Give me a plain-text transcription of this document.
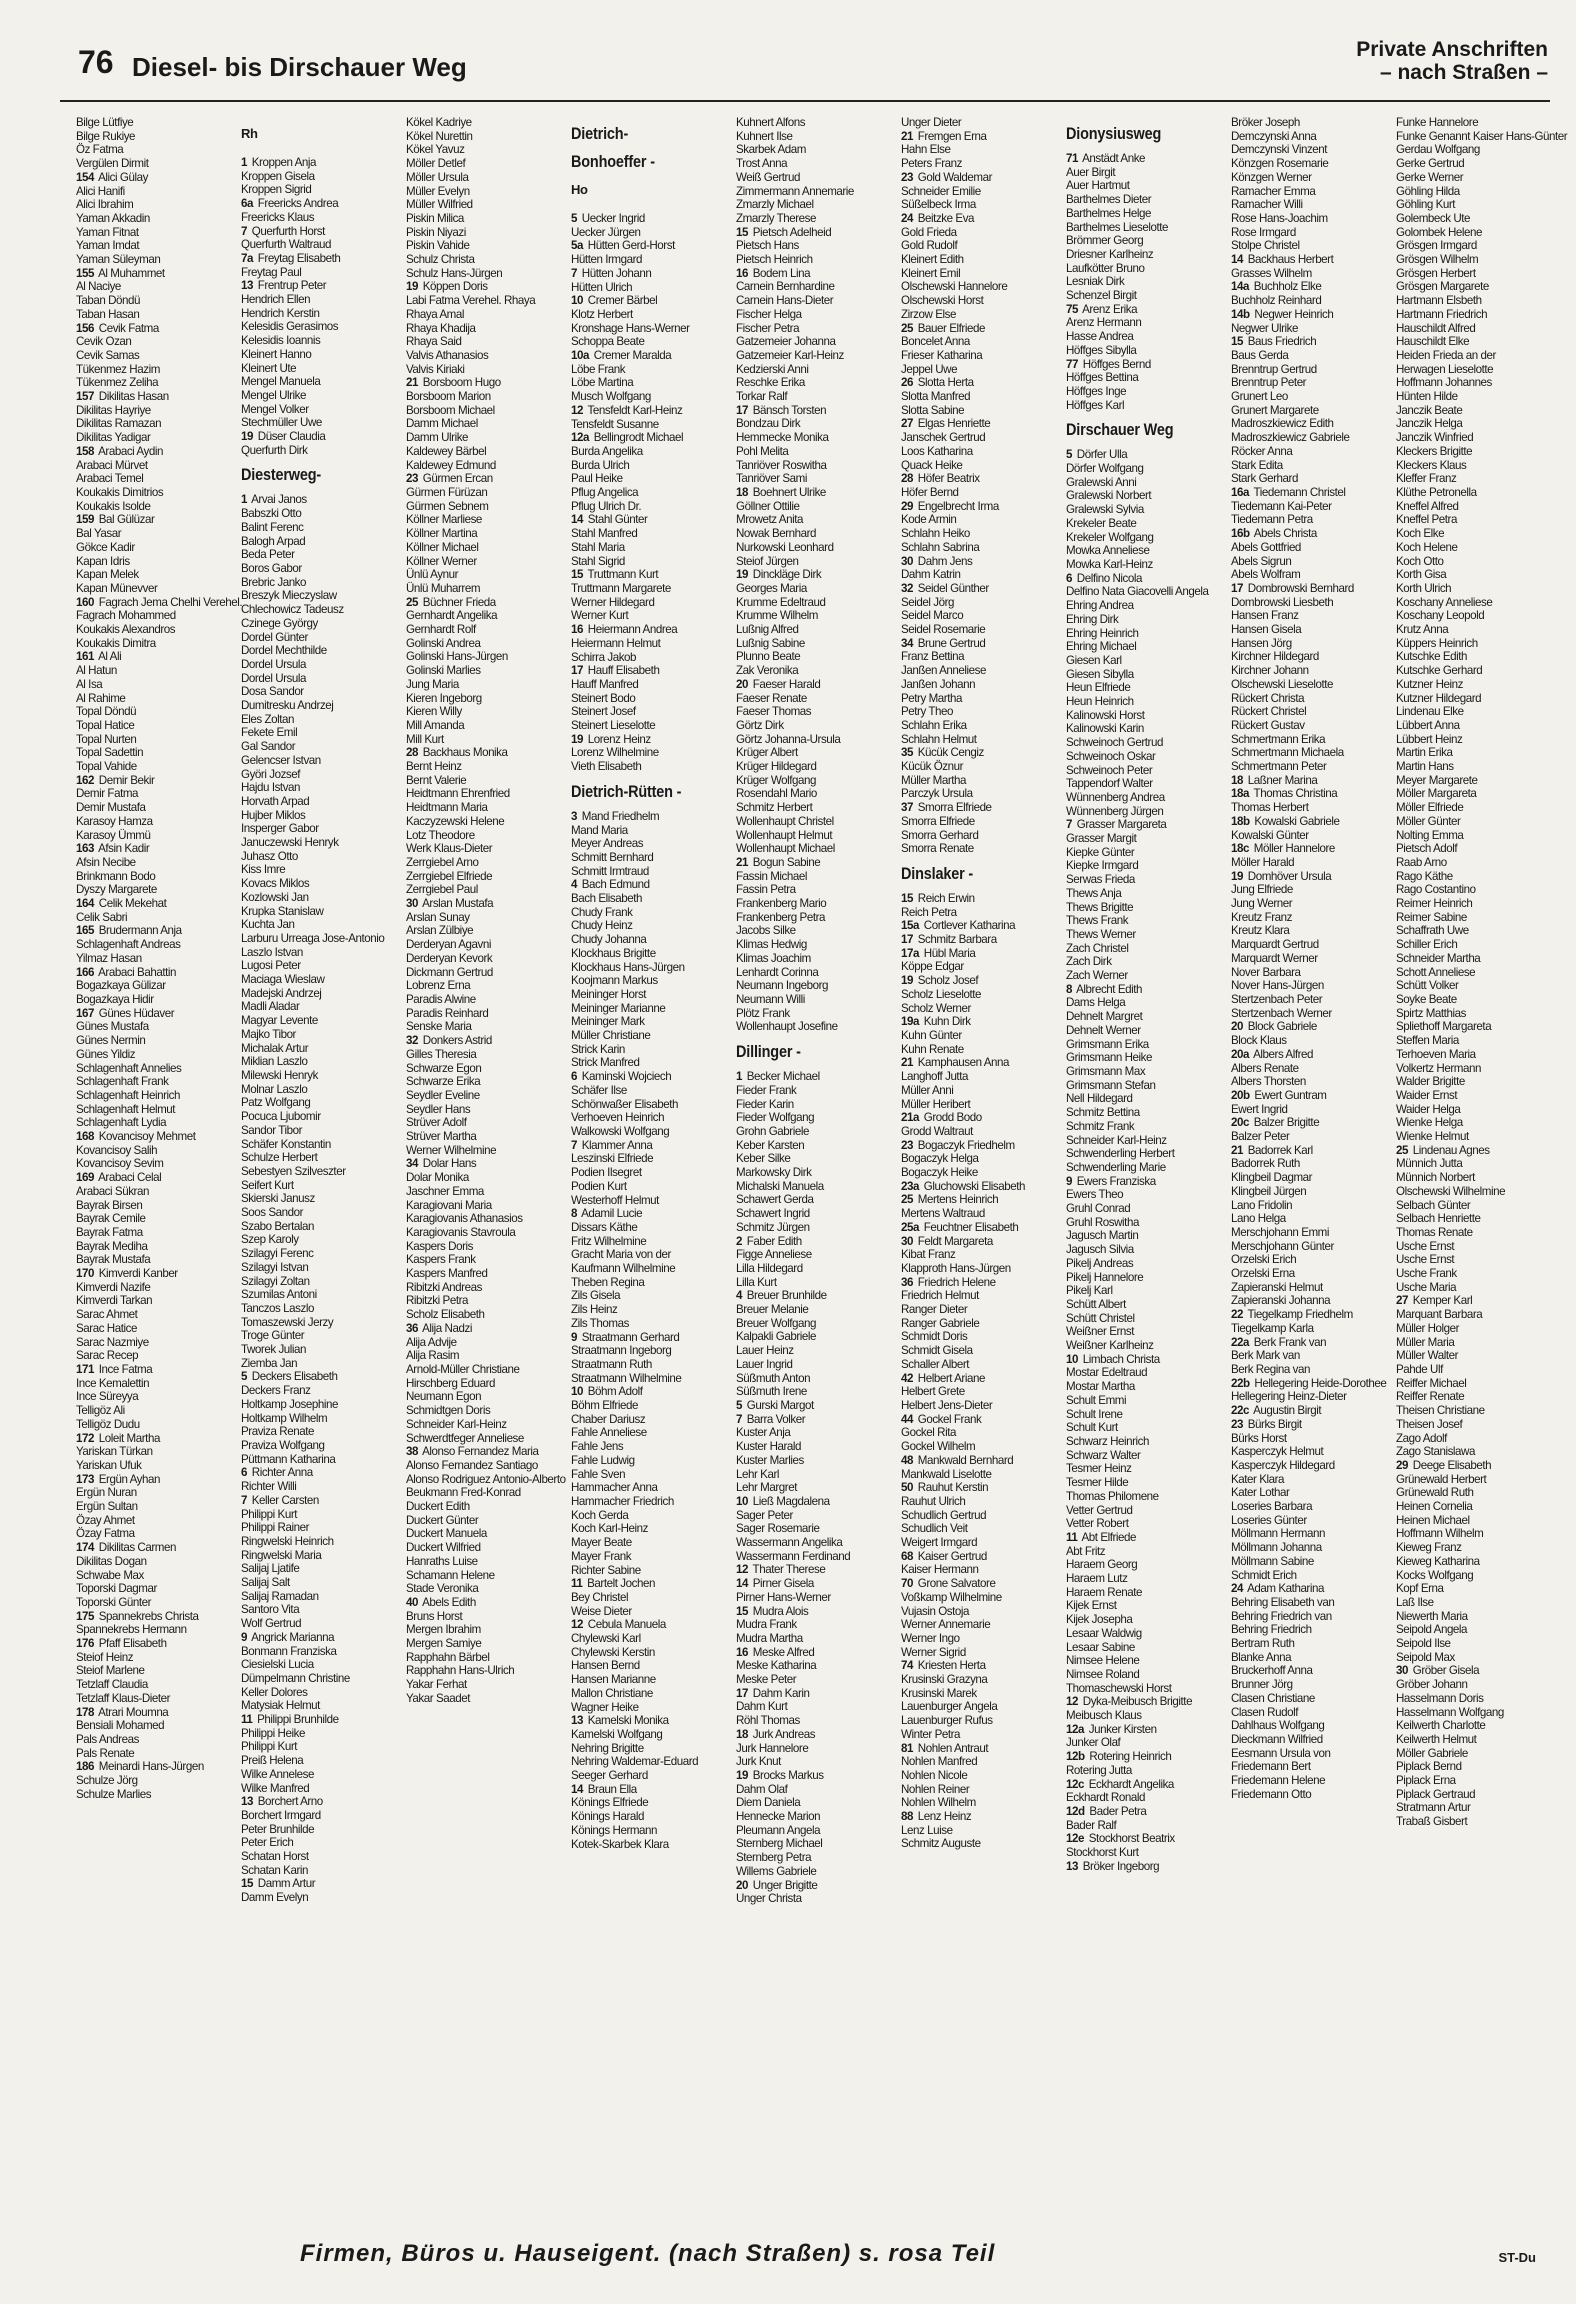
76 Diesel- bis Dirschauer Weg
Private Anschriften
– nach Straßen –
Bilge Lütfiye
Bilge Rukiye
Öz Fatma
Vergülen Dirmit
154 Alici Gülay
Alici Hanifi
Alici Ibrahim
Yaman Akkadin
Yaman Fitnat
Yaman Imdat
Yaman Süleyman
155 Al Muhammet
Al Naciye
Taban Döndü
Taban Hasan
156 Cevik Fatma
Cevik Ozan
Cevik Samas
Tükenmez Hazim
Tükenmez Zeliha
157 Dikilitas Hasan
Dikilitas Hayriye
Dikilitas Ramazan
Dikilitas Yadigar
158 Arabaci Aydin
Arabaci Mürvet
Arabaci Temel
Koukakis Dimitrios
Koukakis Isolde
159 Bal Gülüzar
Bal Yasar
Gökce Kadir
Kapan Idris
Kapan Melek
Kapan Münevver
160 Fagrach Jema Chelhi Verehel.
Fagrach Mohammed
Koukakis Alexandros
Koukakis Dimitra
161 Al Ali
Al Hatun
Al Isa
Al Rahime
Topal Döndü
Topal Hatice
Topal Nurten
Topal Sadettin
Topal Vahide
162 Demir Bekir
Demir Fatma
Demir Mustafa
Karasoy Hamza
Karasoy Ümmü
163 Afsin Kadir
Afsin Necibe
Brinkmann Bodo
Dyszy Margarete
164 Celik Mekehat
Celik Sabri
165 Brudermann Anja
Schlagenhaft Andreas
Yilmaz Hasan
166 Arabaci Bahattin
Bogazkaya Gülizar
Bogazkaya Hidir
167 Günes Hüdaver
Günes Mustafa
Günes Nermin
Günes Yildiz
Schlagenhaft Annelies
Schlagenhaft Frank
Schlagenhaft Heinrich
Schlagenhaft Helmut
Schlagenhaft Lydia
168 Kovancisoy Mehmet
Kovancisoy Salih
Kovancisoy Sevim
169 Arabaci Celal
Arabaci Sükran
Bayrak Birsen
Bayrak Cemile
Bayrak Fatma
Bayrak Mediha
Bayrak Mustafa
170 Kimverdi Kanber
Kimverdi Nazife
Kimverdi Tarkan
Sarac Ahmet
Sarac Hatice
Sarac Nazmiye
Sarac Recep
171 Ince Fatma
Ince Kemalettin
Ince Süreyya
Telligöz Ali
Telligöz Dudu
172 Loleit Martha
Yariskan Türkan
Yariskan Ufuk
173 Ergün Ayhan
Ergün Nuran
Ergün Sultan
Özay Ahmet
Özay Fatma
174 Dikilitas Carmen
Dikilitas Dogan
Schwabe Max
Toporski Dagmar
Toporski Günter
175 Spannekrebs Christa
Spannekrebs Hermann
176 Pfaff Elisabeth
Steiof Heinz
Steiof Marlene
Tetzlaff Claudia
Tetzlaff Klaus-Dieter
178 Atrari Moumna
Bensiali Mohamed
Pals Andreas
Pals Renate
186 Meinardi Hans-Jürgen
Schulze Jörg
Schulze Marlies
Rh
1 Kroppen Anja
Kroppen Gisela
Kroppen Sigrid
6a Freericks Andrea
Freericks Klaus
7 Querfurth Horst
Querfurth Waltraud
7a Freytag Elisabeth
Freytag Paul
13 Frentrup Peter
Hendrich Ellen
Hendrich Kerstin
Kelesidis Gerasimos
Kelesidis Ioannis
Kleinert Hanno
Kleinert Ute
Mengel Manuela
Mengel Ulrike
Mengel Volker
Stechmüller Uwe
19 Düser Claudia
Querfurth Dirk
Diesterweg-
1 Arvai Janos
Babszki Otto
Balint Ferenc
Balogh Arpad
Beda Peter
Boros Gabor
Brebric Janko
Breszyk Mieczyslaw
Chlechowicz Tadeusz
Czinege György
Dordel Günter
Dordel Mechthilde
Dordel Ursula
Dordel Ursula
Dosa Sandor
Dumitresku Andrzej
Eles Zoltan
Fekete Emil
Gal Sandor
Gelencser Istvan
Györi Jozsef
Hajdu Istvan
Horvath Arpad
Hujber Miklos
Insperger Gabor
Januczewski Henryk
Juhasz Otto
Kiss Imre
Kovacs Miklos
Kozlowski Jan
Krupka Stanislaw
Kuchta Jan
Larburu Urreaga Jose-Antonio
Laszlo Istvan
Lugosi Peter
Maciaga Wieslaw
Madejski Andrzej
Madli Aladar
Magyar Levente
Majko Tibor
Michalak Artur
Miklian Laszlo
Milewski Henryk
Molnar Laszlo
Patz Wolfgang
Pocuca Ljubomir
Sandor Tibor
Schäfer Konstantin
Schulze Herbert
Sebestyen Szilveszter
Seifert Kurt
Skierski Janusz
Soos Sandor
Szabo Bertalan
Szep Karoly
Szilagyi Ferenc
Szilagyi Istvan
Szilagyi Zoltan
Szumilas Antoni
Tanczos Laszlo
Tomaszewski Jerzy
Troge Günter
Tworek Julian
Ziemba Jan
5 Deckers Elisabeth
Deckers Franz
Holtkamp Josephine
Holtkamp Wilhelm
Praviza Renate
Praviza Wolfgang
Püttmann Katharina
6 Richter Anna
Richter Willi
7 Keller Carsten
Philippi Kurt
Philippi Rainer
Ringwelski Heinrich
Ringwelski Maria
Salijaj Ljatife
Salijaj Salt
Salijaj Ramadan
Santoro Vita
Wolf Gertrud
9 Angrick Marianna
Bonmann Franziska
Ciesielski Lucia
Dümpelmann Christine
Keller Dolores
Matysiak Helmut
11 Philippi Brunhilde
Philippi Heike
Philippi Kurt
Preiß Helena
Wilke Annelese
Wilke Manfred
13 Borchert Arno
Borchert Irmgard
Peter Brunhilde
Peter Erich
Schatan Horst
Schatan Karin
15 Damm Artur
Damm Evelyn
Kökel Kadriye
Kökel Nurettin
Kökel Yavuz
Möller Detlef
Möller Ursula
Müller Evelyn
Müller Wilfried
Piskin Milica
Piskin Niyazi
Piskin Vahide
Schulz Christa
Schulz Hans-Jürgen
19 Köppen Doris
Labi Fatma Verehel. Rhaya
Rhaya Amal
Rhaya Khadija
Rhaya Said
Valvis Athanasios
Valvis Kiriaki
21 Borsboom Hugo
Borsboom Marion
Borsboom Michael
Damm Michael
Damm Ulrike
Kaldewey Bärbel
Kaldewey Edmund
23 Gürmen Ercan
Gürmen Fürüzan
Gürmen Sebnem
Köllner Marliese
Köllner Martina
Köllner Michael
Köllner Werner
Ünlü Aynur
Ünlü Muharrem
25 Büchner Frieda
Gernhardt Angelika
Gernhardt Rolf
Golinski Andrea
Golinski Hans-Jürgen
Golinski Marlies
Jung Maria
Kieren Ingeborg
Kieren Willy
Mill Amanda
Mill Kurt
28 Backhaus Monika
Bernt Heinz
Bernt Valerie
Heidtmann Ehrenfried
Heidtmann Maria
Kaczyzewski Helene
Lotz Theodore
Werk Klaus-Dieter
Zerrgiebel Arno
Zerrgiebel Elfriede
Zerrgiebel Paul
30 Arslan Mustafa
Arslan Sunay
Arslan Zülbiye
Derderyan Agavni
Derderyan Kevork
Dickmann Gertrud
Lobrenz Erna
Paradis Alwine
Paradis Reinhard
Senske Maria
32 Donkers Astrid
Gilles Theresia
Schwarze Egon
Schwarze Erika
Seydler Eveline
Seydler Hans
Strüver Adolf
Strüver Martha
Werner Wilhelmine
34 Dolar Hans
Dolar Monika
Jaschner Emma
Karagiovani Maria
Karagiovanis Athanasios
Karagiovanis Stavroula
Kaspers Doris
Kaspers Frank
Kaspers Manfred
Ribitzki Andreas
Ribitzki Petra
Scholz Elisabeth
36 Alija Nadzi
Alija Advije
Alija Rasim
Arnold-Müller Christiane
Hirschberg Eduard
Neumann Egon
Schmidtgen Doris
Schneider Karl-Heinz
Schwerdtfeger Anneliese
38 Alonso Fernandez Maria
Alonso Fernandez Santiago
Alonso Rodriguez Antonio-Alberto
Beukmann Fred-Konrad
Duckert Edith
Duckert Günter
Duckert Manuela
Duckert Wilfried
Hanraths Luise
Schamann Helene
Stade Veronika
40 Abels Edith
Bruns Horst
Mergen Ibrahim
Mergen Samiye
Rapphahn Bärbel
Rapphahn Hans-Ulrich
Yakar Ferhat
Yakar Saadet
Dietrich-
Bonhoeffer -
Ho
5 Uecker Ingrid
Uecker Jürgen
5a Hütten Gerd-Horst
Hütten Irmgard
7 Hütten Johann
Hütten Ulrich
10 Cremer Bärbel
Klotz Herbert
Kronshage Hans-Werner
Schoppa Beate
10a Cremer Maralda
Löbe Frank
Löbe Martina
Musch Wolfgang
12 Tensfeldt Karl-Heinz
Tensfeldt Susanne
12a Bellingrodt Michael
Burda Angelika
Burda Ulrich
Paul Heike
Pflug Angelica
Pflug Ulrich Dr.
14 Stahl Günter
Stahl Manfred
Stahl Maria
Stahl Sigrid
15 Truttmann Kurt
Truttmann Margarete
Werner Hildegard
Werner Kurt
16 Heiermann Andrea
Heiermann Helmut
Schirra Jakob
17 Hauff Elisabeth
Hauff Manfred
Steinert Bodo
Steinert Josef
Steinert Lieselotte
19 Lorenz Heinz
Lorenz Wilhelmine
Vieth Elisabeth
Dietrich-Rütten -
3 Mand Friedhelm
Mand Maria
Meyer Andreas
Schmitt Bernhard
Schmitt Irmtraud
4 Bach Edmund
Bach Elisabeth
Chudy Frank
Chudy Heinz
Chudy Johanna
Klockhaus Brigitte
Klockhaus Hans-Jürgen
Koojmann Markus
Meininger Horst
Meininger Marianne
Meininger Mark
Müller Christiane
Strick Karin
Strick Manfred
6 Kaminski Wojciech
Schäfer Ilse
Schönwaßer Elisabeth
Verhoeven Heinrich
Walkowski Wolfgang
7 Klammer Anna
Leszinski Elfriede
Podien Ilsegret
Podien Kurt
Westerhoff Helmut
8 Adamil Lucie
Dissars Käthe
Fritz Wilhelmine
Gracht Maria von der
Kaufmann Wilhelmine
Theben Regina
Zils Gisela
Zils Heinz
Zils Thomas
9 Straatmann Gerhard
Straatmann Ingeborg
Straatmann Ruth
Straatmann Wilhelmine
10 Böhm Adolf
Böhm Elfriede
Chaber Dariusz
Fahle Anneliese
Fahle Jens
Fahle Ludwig
Fahle Sven
Hammacher Anna
Hammacher Friedrich
Koch Gerda
Koch Karl-Heinz
Mayer Beate
Mayer Frank
Richter Sabine
11 Bartelt Jochen
Bey Christel
Weise Dieter
12 Cebula Manuela
Chylewski Karl
Chylewski Kerstin
Hansen Bernd
Hansen Marianne
Mallon Christiane
Wagner Heike
13 Kamelski Monika
Kamelski Wolfgang
Nehring Brigitte
Nehring Waldemar-Eduard
Seeger Gerhard
14 Braun Ella
Könings Elfriede
Könings Harald
Könings Hermann
Kotek-Skarbek Klara
Kuhnert Alfons
Kuhnert Ilse
Skarbek Adam
Trost Anna
Weiß Gertrud
Zimmermann Annemarie
Zmarzly Michael
Zmarzly Therese
15 Pietsch Adelheid
Pietsch Hans
Pietsch Heinrich
16 Bodem Lina
Carnein Bernhardine
Carnein Hans-Dieter
Fischer Helga
Fischer Petra
Gatzemeier Johanna
Gatzemeier Karl-Heinz
Kedzierski Anni
Reschke Erika
Torkar Ralf
17 Bänsch Torsten
Bondzau Dirk
Hemmecke Monika
Pohl Melita
Tanriöver Roswitha
Tanriöver Sami
18 Boehnert Ulrike
Göllner Ottilie
Mrowetz Anita
Nowak Bernhard
Nurkowski Leonhard
Steiof Jürgen
19 Dinckläge Dirk
Georges Maria
Krumme Edeltraud
Krumme Wilhelm
Lußnig Alfred
Lußnig Sabine
Plunno Beate
Zak Veronika
20 Faeser Harald
Faeser Renate
Faeser Thomas
Görtz Dirk
Görtz Johanna-Ursula
Krüger Albert
Krüger Hildegard
Krüger Wolfgang
Rosendahl Mario
Schmitz Herbert
Wollenhaupt Christel
Wollenhaupt Helmut
Wollenhaupt Michael
21 Bogun Sabine
Fassin Michael
Fassin Petra
Frankenberg Mario
Frankenberg Petra
Jacobs Silke
Klimas Hedwig
Klimas Joachim
Lenhardt Corinna
Neumann Ingeborg
Neumann Willi
Plötz Frank
Wollenhaupt Josefine
Dillinger -
1 Becker Michael
Fieder Frank
Fieder Karin
Fieder Wolfgang
Grohn Gabriele
Keber Karsten
Keber Silke
Markowsky Dirk
Michalski Manuela
Schawert Gerda
Schawert Ingrid
Schmitz Jürgen
2 Faber Edith
Figge Anneliese
Lilla Hildegard
Lilla Kurt
4 Breuer Brunhilde
Breuer Melanie
Breuer Wolfgang
Kalpakli Gabriele
Lauer Heinz
Lauer Ingrid
Süßmuth Anton
Süßmuth Irene
5 Gurski Margot
7 Barra Volker
Kuster Anja
Kuster Harald
Kuster Marlies
Lehr Karl
Lehr Margret
10 Ließ Magdalena
Sager Peter
Sager Rosemarie
Wassermann Angelika
Wassermann Ferdinand
12 Thater Therese
14 Pirner Gisela
Pirner Hans-Werner
15 Mudra Alois
Mudra Frank
Mudra Martha
16 Meske Alfred
Meske Katharina
Meske Peter
17 Dahm Karin
Dahm Kurt
Röhl Thomas
18 Jurk Andreas
Jurk Hannelore
Jurk Knut
19 Brocks Markus
Dahm Olaf
Diem Daniela
Hennecke Marion
Pleumann Angela
Sternberg Michael
Sternberg Petra
Willems Gabriele
20 Unger Brigitte
Unger Christa
Unger Dieter
21 Fremgen Erna
Hahn Else
Peters Franz
23 Gold Waldemar
Schneider Emilie
Süßelbeck Irma
24 Beitzke Eva
Gold Frieda
Gold Rudolf
Kleinert Edith
Kleinert Emil
Olschewski Hannelore
Olschewski Horst
Zirzow Else
25 Bauer Elfriede
Boncelet Anna
Frieser Katharina
Jeppel Uwe
26 Slotta Herta
Slotta Manfred
Slotta Sabine
27 Elgas Henriette
Janschek Gertrud
Loos Katharina
Quack Heike
28 Höfer Beatrix
Höfer Bernd
29 Engelbrecht Irma
Kode Armin
Schlahn Heiko
Schlahn Sabrina
30 Dahm Jens
Dahm Katrin
32 Seidel Günther
Seidel Jörg
Seidel Marco
Seidel Rosemarie
34 Brune Gertrud
Franz Bettina
Janßen Anneliese
Janßen Johann
Petry Martha
Petry Theo
Schlahn Erika
Schlahn Helmut
35 Kücük Cengiz
Kücük Öznur
Müller Martha
Parczyk Ursula
37 Smorra Elfriede
Smorra Elfriede
Smorra Gerhard
Smorra Renate
Dinslaker -
15 Reich Erwin
Reich Petra
15a Cortlever Katharina
17 Schmitz Barbara
17a Hübl Maria
Köppe Edgar
19 Scholz Josef
Scholz Lieselotte
Scholz Werner
19a Kuhn Dirk
Kuhn Günter
Kuhn Renate
21 Kamphausen Anna
Langhoff Jutta
Müller Anni
Müller Heribert
21a Grodd Bodo
Grodd Waltraut
23 Bogaczyk Friedhelm
Bogaczyk Helga
Bogaczyk Heike
23a Gluchowski Elisabeth
25 Mertens Heinrich
Mertens Waltraud
25a Feuchtner Elisabeth
30 Feldt Margareta
Kibat Franz
Klapproth Hans-Jürgen
36 Friedrich Helene
Friedrich Helmut
Ranger Dieter
Ranger Gabriele
Schmidt Doris
Schmidt Gisela
Schaller Albert
42 Helbert Ariane
Helbert Grete
Helbert Jens-Dieter
44 Gockel Frank
Gockel Rita
Gockel Wilhelm
48 Mankwald Bernhard
Mankwald Liselotte
50 Rauhut Kerstin
Rauhut Ulrich
Schudlich Gertrud
Schudlich Veit
Weigert Irmgard
68 Kaiser Gertrud
Kaiser Hermann
70 Grone Salvatore
Voßkamp Wilhelmine
Vujasin Ostoja
Werner Annemarie
Werner Ingo
Werner Sigrid
74 Kriesten Herta
Krusinski Grazyna
Krusinski Marek
Lauenburger Angela
Lauenburger Rufus
Winter Petra
81 Nohlen Antraut
Nohlen Manfred
Nohlen Nicole
Nohlen Reiner
Nohlen Wilhelm
88 Lenz Heinz
Lenz Luise
Schmitz Auguste
Dionysiusweg
71 Anstädt Anke
Auer Birgit
Auer Hartmut
Barthelmes Dieter
Barthelmes Helge
Barthelmes Lieselotte
Brömmer Georg
Driesner Karlheinz
Laufkötter Bruno
Lesniak Dirk
Schenzel Birgit
75 Arenz Erika
Arenz Hermann
Hasse Andrea
Höffges Sibylla
77 Höffges Bernd
Höffges Bettina
Höffges Inge
Höffges Karl
Dirschauer Weg
5 Dörfer Ulla
Dörfer Wolfgang
Gralewski Anni
Gralewski Norbert
Gralewski Sylvia
Krekeler Beate
Krekeler Wolfgang
Mowka Anneliese
Mowka Karl-Heinz
6 Delfino Nicola
Delfino Nata Giacovelli Angela
Ehring Andrea
Ehring Dirk
Ehring Heinrich
Ehring Michael
Giesen Karl
Giesen Sibylla
Heun Elfriede
Heun Heinrich
Kalinowski Horst
Kalinowski Karin
Schweinoch Gertrud
Schweinoch Oskar
Schweinoch Peter
Tappendorf Walter
Wünnenberg Andrea
Wünnenberg Jürgen
7 Grasser Margareta
Grasser Margit
Kiepke Günter
Kiepke Irmgard
Serwas Frieda
Thews Anja
Thews Brigitte
Thews Frank
Thews Werner
Zach Christel
Zach Dirk
Zach Werner
8 Albrecht Edith
Dams Helga
Dehnelt Margret
Dehnelt Werner
Grimsmann Erika
Grimsmann Heike
Grimsmann Max
Grimsmann Stefan
Nell Hildegard
Schmitz Bettina
Schmitz Frank
Schneider Karl-Heinz
Schwenderling Herbert
Schwenderling Marie
9 Ewers Franziska
Ewers Theo
Gruhl Conrad
Gruhl Roswitha
Jagusch Martin
Jagusch Silvia
Pikelj Andreas
Pikelj Hannelore
Pikelj Karl
Schütt Albert
Schütt Christel
Weißner Ernst
Weißner Karlheinz
10 Limbach Christa
Mostar Edeltraud
Mostar Martha
Schult Emmi
Schult Irene
Schult Kurt
Schwarz Heinrich
Schwarz Walter
Tesmer Heinz
Tesmer Hilde
Thomas Philomene
Vetter Gertrud
Vetter Robert
11 Abt Elfriede
Abt Fritz
Haraem Georg
Haraem Lutz
Haraem Renate
Kijek Ernst
Kijek Josepha
Lesaar Waldwig
Lesaar Sabine
Nimsee Helene
Nimsee Roland
Thomaschewski Horst
12 Dyka-Meibusch Brigitte
Meibusch Klaus
12a Junker Kirsten
Junker Olaf
12b Rotering Heinrich
Rotering Jutta
12c Eckhardt Angelika
Eckhardt Ronald
12d Bader Petra
Bader Ralf
12e Stockhorst Beatrix
Stockhorst Kurt
13 Bröker Ingeborg
Bröker Joseph
Demczynski Anna
Demczynski Vinzent
Könzgen Rosemarie
Könzgen Werner
Ramacher Emma
Ramacher Willi
Rose Hans-Joachim
Rose Irmgard
Stolpe Christel
14 Backhaus Herbert
Grasses Wilhelm
14a Buchholz Elke
Buchholz Reinhard
14b Negwer Heinrich
Negwer Ulrike
15 Baus Friedrich
Baus Gerda
Brenntrup Gertrud
Brenntrup Peter
Grunert Leo
Grunert Margarete
Madroszkiewicz Edith
Madroszkiewicz Gabriele
Röcker Anna
Stark Edita
Stark Gerhard
16a Tiedemann Christel
Tiedemann Kai-Peter
Tiedemann Petra
16b Abels Christa
Abels Gottfried
Abels Sigrun
Abels Wolfram
17 Dombrowski Bernhard
Dombrowski Liesbeth
Hansen Franz
Hansen Gisela
Hansen Jörg
Kirchner Hildegard
Kirchner Johann
Olschewski Lieselotte
Rückert Christa
Rückert Christel
Rückert Gustav
Schmertmann Erika
Schmertmann Michaela
Schmertmann Peter
18 Laßner Marina
18a Thomas Christina
Thomas Herbert
18b Kowalski Gabriele
Kowalski Günter
18c Möller Hannelore
Möller Harald
19 Domhöver Ursula
Jung Elfriede
Jung Werner
Kreutz Franz
Kreutz Klara
Marquardt Gertrud
Marquardt Werner
Nover Barbara
Nover Hans-Jürgen
Stertzenbach Peter
Stertzenbach Werner
20 Block Gabriele
Block Klaus
20a Albers Alfred
Albers Renate
Albers Thorsten
20b Ewert Guntram
Ewert Ingrid
20c Balzer Brigitte
Balzer Peter
21 Badorrek Karl
Badorrek Ruth
Klingbeil Dagmar
Klingbeil Jürgen
Lano Fridolin
Lano Helga
Merschjohann Emmi
Merschjohann Günter
Orzelski Erich
Orzelski Erna
Zapieranski Helmut
Zapieranski Johanna
22 Tiegelkamp Friedhelm
Tiegelkamp Karla
22a Berk Frank van
Berk Mark van
Berk Regina van
22b Hellegering Heide-Dorothee
Hellegering Heinz-Dieter
22c Augustin Birgit
23 Bürks Birgit
Bürks Horst
Kasperczyk Helmut
Kasperczyk Hildegard
Kater Klara
Kater Lothar
Loseries Barbara
Loseries Günter
Möllmann Hermann
Möllmann Johanna
Möllmann Sabine
Schmidt Erich
24 Adam Katharina
Behring Elisabeth van
Behring Friedrich van
Behring Friedrich
Bertram Ruth
Blanke Anna
Bruckerhoff Anna
Brunner Jörg
Clasen Christiane
Clasen Rudolf
Dahlhaus Wolfgang
Dieckmann Wilfried
Eesmann Ursula von
Friedemann Bert
Friedemann Helene
Friedemann Otto
Funke Hannelore
Funke Genannt Kaiser Hans-Günter
Gerdau Wolfgang
Gerke Gertrud
Gerke Werner
Göhling Hilda
Göhling Kurt
Golembeck Ute
Golombek Helene
Grösgen Irmgard
Grösgen Wilhelm
Grösgen Herbert
Grösgen Margarete
Hartmann Elsbeth
Hartmann Friedrich
Hauschildt Alfred
Hauschildt Elke
Heiden Frieda an der
Herwagen Lieselotte
Hoffmann Johannes
Hünten Hilde
Janczik Beate
Janczik Helga
Janczik Winfried
Kleckers Brigitte
Kleckers Klaus
Kleffer Franz
Klüthe Petronella
Kneffel Alfred
Kneffel Petra
Koch Elke
Koch Helene
Koch Otto
Korth Gisa
Korth Ulrich
Koschany Anneliese
Koschany Leopold
Krutz Anna
Küppers Heinrich
Kutschke Edith
Kutschke Gerhard
Kutzner Heinz
Kutzner Hildegard
Lindenau Elke
Lübbert Anna
Lübbert Heinz
Martin Erika
Martin Hans
Meyer Margarete
Möller Margareta
Möller Elfriede
Möller Günter
Nolting Emma
Pietsch Adolf
Raab Arno
Rago Käthe
Rago Costantino
Reimer Heinrich
Reimer Sabine
Schaffrath Uwe
Schiller Erich
Schneider Martha
Schott Anneliese
Schütt Volker
Soyke Beate
Spirtz Matthias
Spliethoff Margareta
Steffen Maria
Terhoeven Maria
Volkertz Hermann
Walder Brigitte
Waider Ernst
Waider Helga
Wienke Helga
Wienke Helmut
25 Lindenau Agnes
Münnich Jutta
Münnich Norbert
Olschewski Wilhelmine
Selbach Günter
Selbach Henriette
Thomas Renate
Usche Ernst
Usche Ernst
Usche Frank
Usche Maria
27 Kemper Karl
Marquant Barbara
Müller Holger
Müller Maria
Müller Walter
Pahde Ulf
Reiffer Michael
Reiffer Renate
Theisen Christiane
Theisen Josef
Zago Adolf
Zago Stanislawa
29 Deege Elisabeth
Grünewald Herbert
Grünewald Ruth
Heinen Cornelia
Heinen Michael
Hoffmann Wilhelm
Kieweg Franz
Kieweg Katharina
Kocks Wolfgang
Kopf Erna
Laß Ilse
Niewerth Maria
Seipold Angela
Seipold Ilse
Seipold Max
30 Gröber Gisela
Gröber Johann
Hasselmann Doris
Hasselmann Wolfgang
Keilwerth Charlotte
Keilwerth Helmut
Möller Gabriele
Piplack Bernd
Piplack Erna
Piplack Gertraud
Stratmann Artur
Trabaß Gisbert
Firmen, Büros u. Hauseigent. (nach Straßen) s. rosa Teil	ST-Du
